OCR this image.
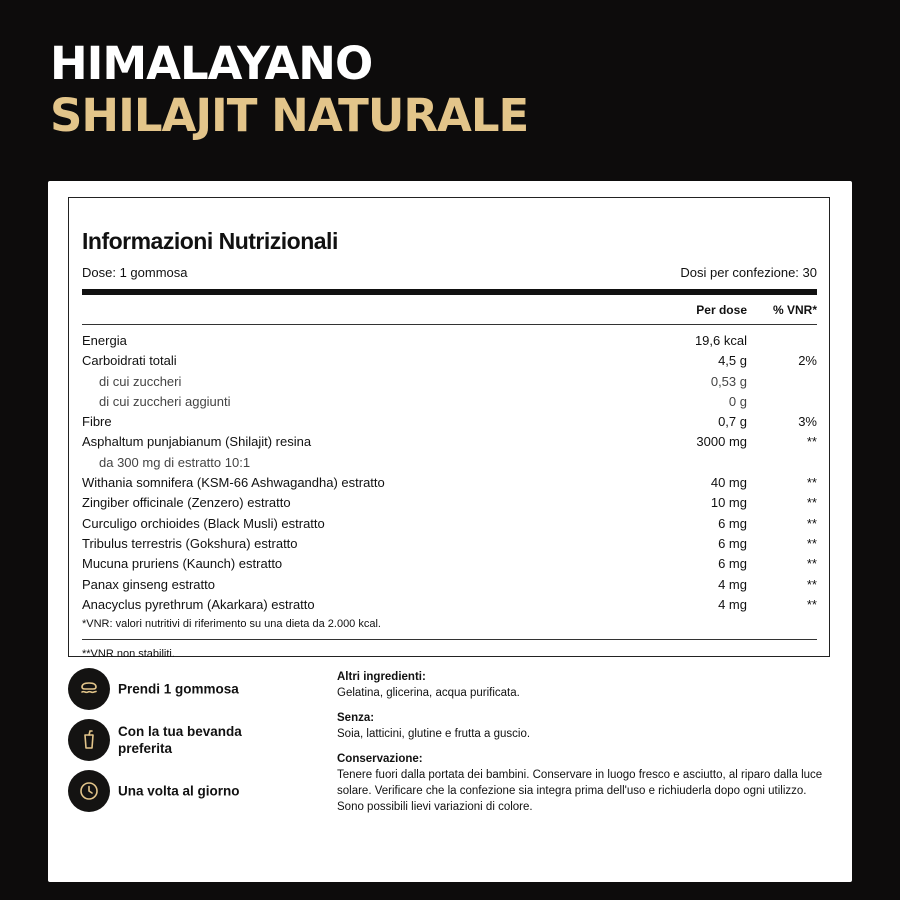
HIMALAYANO
SHILAJIT NATURALE
Informazioni Nutrizionali
Dose: 1 gommosa	Dosi per confezione: 30
Per dose % VNR*
Energia	19,6 kcal
Carboidrati totali	4,5 g	2%
di cui zuccheri	0,53 g
di cui zuccheri aggiunti	0 g
Fibre	0,7 g	3%
Asphaltum punjabianum (Shilajit) resina	3000 mg	**
da 300 mg di estratto 10:1
Withania somnifera (KSM-66 Ashwagandha) estratto	40 mg	**
Zingiber officinale (Zenzero) estratto	10 mg	**
Curculigo orchioides (Black Musli) estratto	6 mg	**
Tribulus terrestris (Gokshura) estratto	6 mg	**
Mucuna pruriens (Kaunch) estratto	6 mg	**
Panax ginseng estratto	4 mg	**
Anacyclus pyrethrum (Akarkara) estratto	4 mg	**
*VNR: valori nutritivi di riferimento su una dieta da 2.000 kcal.
**VNR non stabiliti.
Prendi 1 gommosa
Con la tua bevanda preferita
Una volta al giorno
Altri ingredienti:
Gelatina, glicerina, acqua purificata.
Senza:
Soia, latticini, glutine e frutta a guscio.
Conservazione:
Tenere fuori dalla portata dei bambini. Conservare in luogo fresco e asciutto, al riparo dalla luce solare. Verificare che la confezione sia integra prima dell'uso e richiuderla dopo ogni utilizzo. Sono possibili lievi variazioni di colore.
